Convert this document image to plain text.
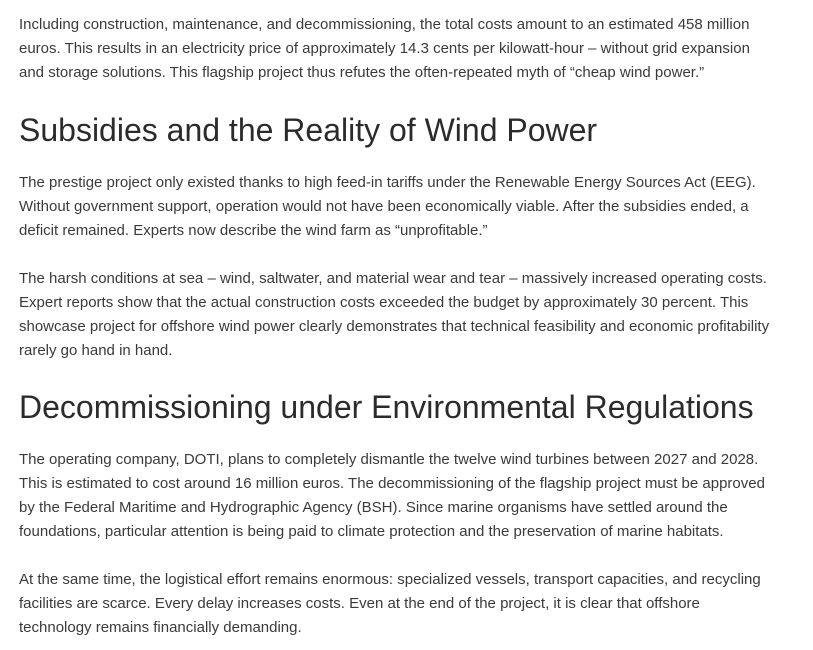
Including construction, maintenance, and decommissioning, the total costs amount to an estimated 458 million
euros. This results in an electricity price of approximately 14.3 cents per kilowatt-hour – without grid expansion
and storage solutions. This flagship project thus refutes the often-repeated myth of “cheap wind power.”

Subsidies and the Reality of Wind Power

The prestige project only existed thanks to high feed-in tariffs under the Renewable Energy Sources Act (EEG).
Without government support, operation would not have been economically viable. After the subsidies ended, a
deficit remained. Experts now describe the wind farm as “unprofitable.”

The harsh conditions at sea – wind, saltwater, and material wear and tear – massively increased operating costs.
Expert reports show that the actual construction costs exceeded the budget by approximately 30 percent. This
showcase project for offshore wind power clearly demonstrates that technical feasibility and economic profitability
rarely go hand in hand.

Decommissioning under Environmental Regulations

The operating company, DOTI, plans to completely dismantle the twelve wind turbines between 2027 and 2028.
This is estimated to cost around 16 million euros. The decommissioning of the flagship project must be approved
by the Federal Maritime and Hydrographic Agency (BSH). Since marine organisms have settled around the
foundations, particular attention is being paid to climate protection and the preservation of marine habitats.

At the same time, the logistical effort remains enormous: specialized vessels, transport capacities, and recycling
facilities are scarce. Every delay increases costs. Even at the end of the project, it is clear that offshore
technology remains financially demanding.
